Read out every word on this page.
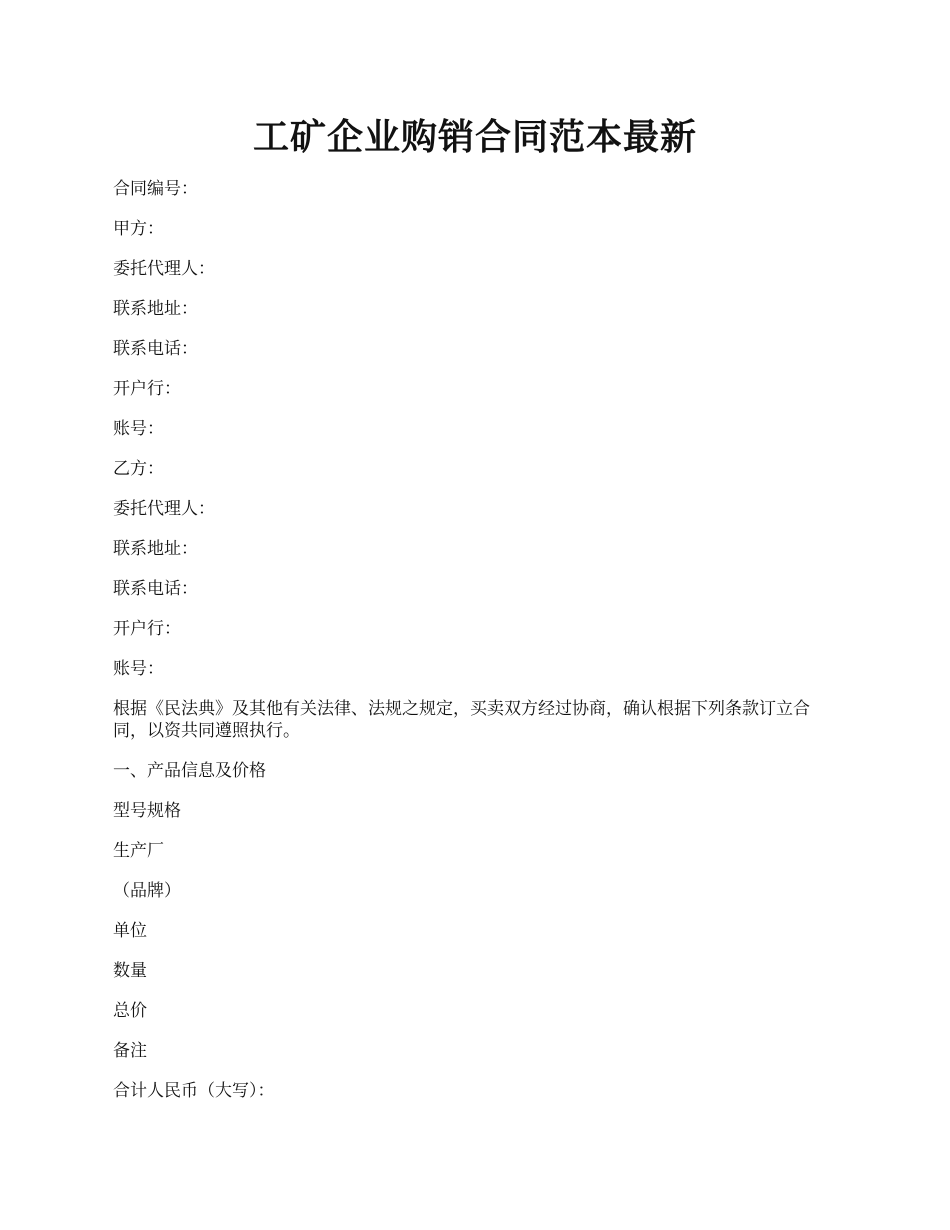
工矿企业购销合同范本最新

合同编号：

甲方：

委托代理人：

联系地址：

联系电话：

开户行：

账号：

乙方：

委托代理人：

联系地址：

联系电话：

开户行：

账号：

根据《民法典》及其他有关法律、法规之规定，买卖双方经过协商，确认根据下列条款订立合同，以资共同遵照执行。

一、产品信息及价格

型号规格

生产厂

（品牌）

单位

数量

总价

备注

合计人民币（大写）：
